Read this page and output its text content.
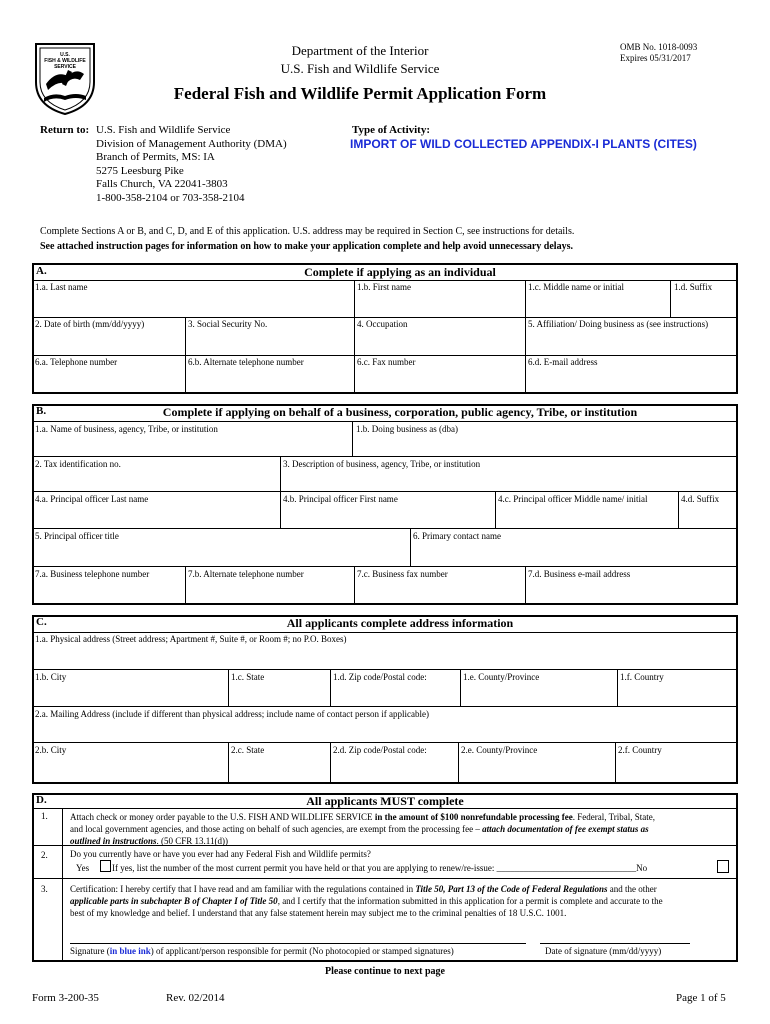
U.S.
FISH & WILDLIFE
SERVICE
Department of the Interior
U.S. Fish and Wildlife Service
OMB No. 1018-0093
Expires 05/31/2017
Federal Fish and Wildlife Permit Application Form
Return to: U.S. Fish and Wildlife Service
Division of Management Authority (DMA)
Branch of Permits, MS: IA
5275 Leesburg Pike
Falls Church, VA 22041-3803
1-800-358-2104 or 703-358-2104
Type of Activity:
IMPORT OF WILD COLLECTED APPENDIX-I PLANTS (CITES)
Complete Sections A or B, and C, D, and E of this application. U.S. address may be required in Section C, see instructions for details.
See attached instruction pages for information on how to make your application complete and help avoid unnecessary delays.
A.	Complete if applying as an individual
1.a. Last name	1.b. First name	1.c. Middle name or initial	1.d. Suffix
2. Date of birth (mm/dd/yyyy)	3. Social Security No.	4. Occupation	5. Affiliation/ Doing business as (see instructions)
6.a. Telephone number	6.b. Alternate telephone number	6.c. Fax number	6.d. E-mail address
B.	Complete if applying on behalf of a business, corporation, public agency, Tribe, or institution
1.a. Name of business, agency, Tribe, or institution	1.b. Doing business as (dba)
2. Tax identification no.	3. Description of business, agency, Tribe, or institution
4.a. Principal officer Last name	4.b. Principal officer First name	4.c. Principal officer Middle name/ initial	4.d. Suffix
5. Principal officer title	6. Primary contact name
7.a. Business telephone number	7.b. Alternate telephone number	7.c. Business fax number	7.d. Business e-mail address
C.	All applicants complete address information
1.a. Physical address (Street address; Apartment #, Suite #, or Room #; no P.O. Boxes)
1.b. City	1.c. State	1.d. Zip code/Postal code:	1.e. County/Province	1.f. Country
2.a. Mailing Address (include if different than physical address; include name of contact person if applicable)
2.b. City	2.c. State	2.d. Zip code/Postal code:	2.e. County/Province	2.f. Country
D.	All applicants MUST complete
1. Attach check or money order payable to the U.S. FISH AND WILDLIFE SERVICE in the amount of $100 nonrefundable processing fee. Federal, Tribal, State,
and local government agencies, and those acting on behalf of such agencies, are exempt from the processing fee – attach documentation of fee exempt status as
outlined in instructions. (50 CFR 13.11(d))
2. Do you currently have or have you ever had any Federal Fish and Wildlife permits?
Yes	If yes, list the number of the most current permit you have held or that you are applying to renew/re-issue: _______________________________No
3. Certification: I hereby certify that I have read and am familiar with the regulations contained in Title 50, Part 13 of the Code of Federal Regulations and the other
applicable parts in subchapter B of Chapter I of Title 50, and I certify that the information submitted in this application for a permit is complete and accurate to the
best of my knowledge and belief. I understand that any false statement herein may subject me to the criminal penalties of 18 U.S.C. 1001.
Signature (in blue ink) of applicant/person responsible for permit (No photocopied or stamped signatures)	Date of signature (mm/dd/yyyy)
Please continue to next page
Form 3-200-35	Rev. 02/2014	Page 1 of 5
